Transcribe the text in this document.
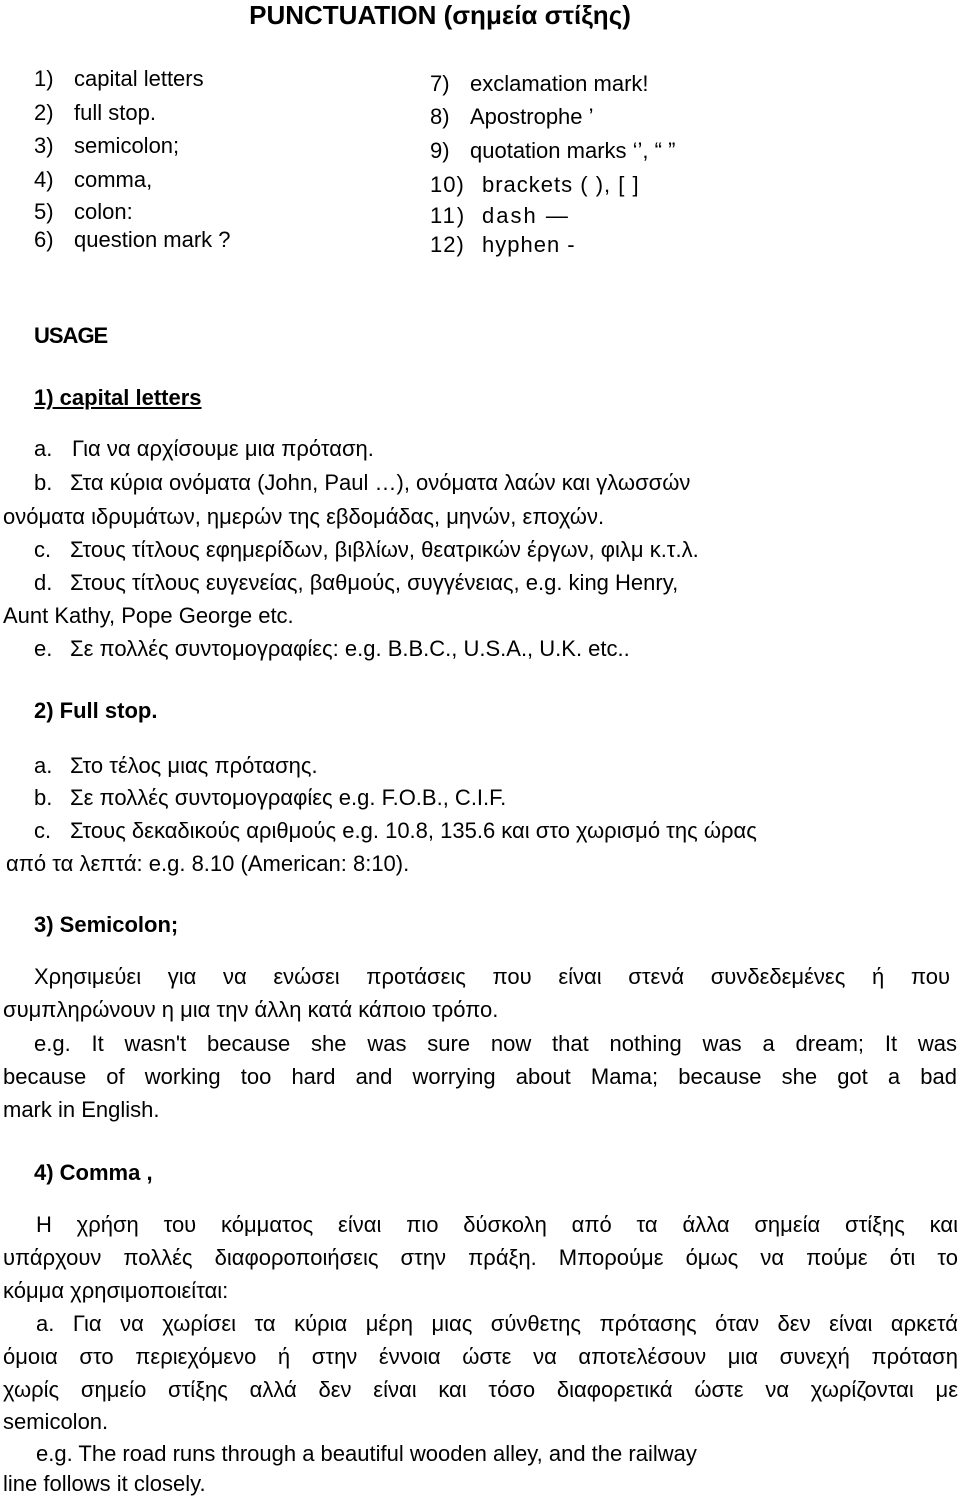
PUNCTUATION (σημεία στίξης)
1) capital letters
2) full stop.
3) semicolon;
4) comma,
5) colon:
6) question mark ?
7) exclamation mark!
8) Apostrophe ’
9) quotation marks ‘’, “ ”
10) brackets ( ), [ ]
11) dash —
12) hyphen -
USAGE
1) capital letters
a. Για να αρχίσουμε μια πρόταση.
b. Στα κύρια ονόματα (John, Paul …), ονόματα λαών και γλωσσών
ονόματα ιδρυμάτων, ημερών της εβδομάδας, μηνών, εποχών.
c. Στους τίτλους εφημερίδων, βιβλίων, θεατρικών έργων, φιλμ κ.τ.λ.
d. Στους τίτλους ευγενείας, βαθμούς, συγγένειας, e.g. king Henry,
Aunt Kathy, Pope George etc.
e. Σε πολλές συντομογραφίες: e.g. B.B.C., U.S.A., U.K. etc..
2) Full stop.
a. Στο τέλος μιας πρότασης.
b. Σε πολλές συντομογραφίες e.g. F.O.B., C.I.F.
c. Στους δεκαδικούς αριθμούς e.g. 10.8, 135.6 και στο χωρισμό της ώρας
από τα λεπτά: e.g. 8.10 (American: 8:10).
3) Semicolon;
Χρησιμεύει για να ενώσει προτάσεις που είναι στενά συνδεδεμένες ή που
συμπληρώνουν η μια την άλλη κατά κάποιο τρόπο.
e.g. It wasn't because she was sure now that nothing was a dream; It was
because of working too hard and worrying about Mama; because she got a bad
mark in English.
4) Comma ,
Η χρήση του κόμματος είναι πιο δύσκολη από τα άλλα σημεία στίξης και
υπάρχουν πολλές διαφοροποιήσεις στην πράξη. Μπορούμε όμως να πούμε ότι το
κόμμα χρησιμοποιείται:
a. Για να χωρίσει τα κύρια μέρη μιας σύνθετης πρότασης όταν δεν είναι αρκετά
όμοια στο περιεχόμενο ή στην έννοια ώστε να αποτελέσουν μια συνεχή πρόταση
χωρίς σημείο στίξης αλλά δεν είναι και τόσο διαφορετικά ώστε να χωρίζονται με
semicolon.
e.g. The road runs through a beautiful wooden alley, and the railway
line follows it closely.
